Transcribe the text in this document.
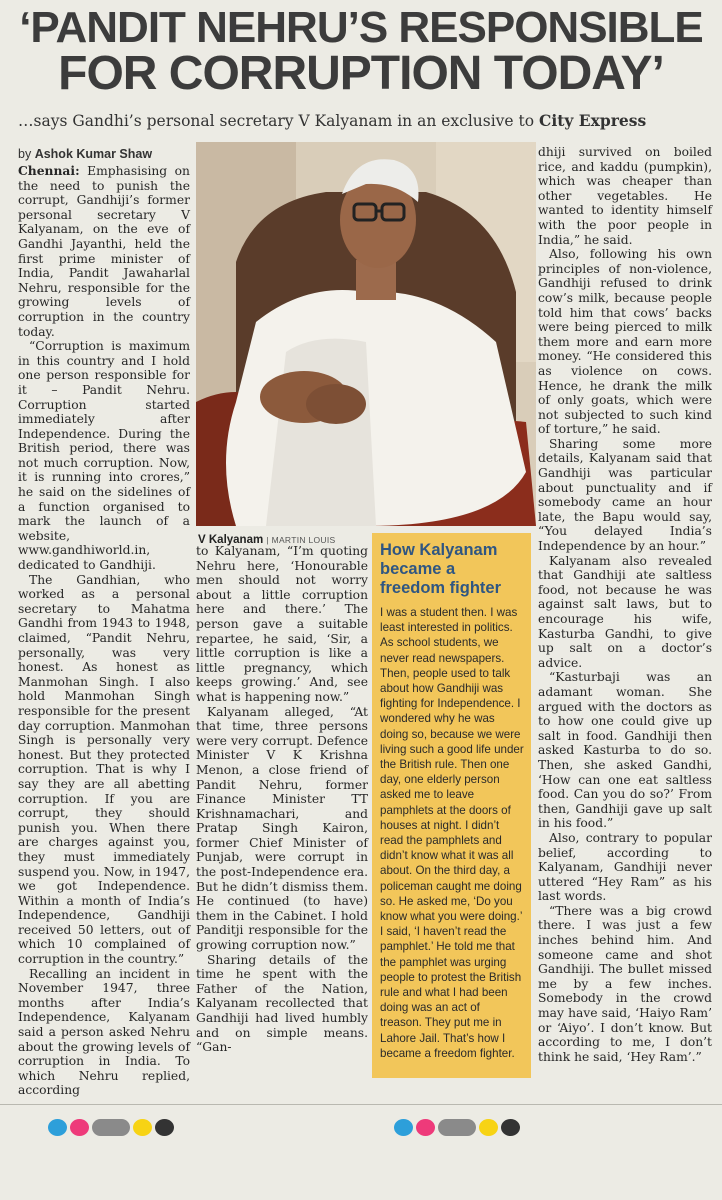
‘PANDIT NEHRU’S RESPONSIBLE
FOR CORRUPTION TODAY’
…says Gandhi’s personal secretary V Kalyanam in an exclusive to City Express
by Ashok Kumar Shaw

Chennai: Emphasising on the need to punish the corrupt, Gandhiji’s former personal secretary V Kalyanam, on the eve of Gandhi Jayanthi, held the first prime minister of India, Pandit Jawaharlal Nehru, responsible for the growing levels of corruption in the country today.

“Corruption is maximum in this country and I hold one person responsible for it – Pandit Nehru. Corruption started immediately after Independence. During the British period, there was not much corruption. Now, it is running into crores,” he said on the sidelines of a function organised to mark the launch of a website, www.gandhiworld.in, dedicated to Gandhiji.

The Gandhian, who worked as a personal secretary to Mahatma Gandhi from 1943 to 1948, claimed, “Pandit Nehru, personally, was very honest. As honest as Manmohan Singh. I also hold Manmohan Singh responsible for the present day corruption. Manmohan Singh is personally very honest. But they protected corruption. That is why I say they are all abetting corruption. If you are corrupt, they should punish you. When there are charges against you, they must immediately suspend you. Now, in 1947, we got Independence. Within a month of India’s Independence, Gandhiji received 50 letters, out of which 10 complained of corruption in the country.”

Recalling an incident in November 1947, three months after India’s Independence, Kalyanam said a person asked Nehru about the growing levels of corruption in India. To which Nehru replied, according

V Kalyanam | MARTIN LOUIS

to Kalyanam, “I’m quoting Nehru here, ‘Honourable men should not worry about a little corruption here and there.’ The person gave a suitable repartee, he said, ‘Sir, a little corruption is like a little pregnancy, which keeps growing.’ And, see what is happening now.”

Kalyanam alleged, “At that time, three persons were very corrupt. Defence Minister V K Krishna Menon, a close friend of Pandit Nehru, former Finance Minister TT Krishnamachari, and Pratap Singh Kairon, former Chief Minister of Punjab, were corrupt in the post-Independence era. But he didn’t dismiss them. He continued (to have) them in the Cabinet. I hold Panditji responsible for the growing corruption now.”

Sharing details of the time he spent with the Father of the Nation, Kalyanam recollected that Gandhiji had lived humbly and on simple means. “Gan-

How Kalyanam became a freedom fighter
I was a student then. I was least interested in politics. As school students, we never read newspapers. Then, people used to talk about how Gandhiji was fighting for Independence. I wondered why he was doing so, because we were living such a good life under the British rule. Then one day, one elderly person asked me to leave pamphlets at the doors of houses at night. I didn’t read the pamphlets and didn’t know what it was all about. On the third day, a policeman caught me doing so. He asked me, ‘Do you know what you were doing.’ I said, ‘I haven’t read the pamphlet.’ He told me that the pamphlet was urging people to protest the British rule and what I had been doing was an act of treason. They put me in Lahore Jail. That’s how I became a freedom fighter.

dhiji survived on boiled rice, and kaddu (pumpkin), which was cheaper than other vegetables. He wanted to identity himself with the poor people in India,” he said.

Also, following his own principles of non-violence, Gandhiji refused to drink cow’s milk, because people told him that cows’ backs were being pierced to milk them more and earn more money. “He considered this as violence on cows. Hence, he drank the milk of only goats, which were not subjected to such kind of torture,” he said.

Sharing some more details, Kalyanam said that Gandhiji was particular about punctuality and if somebody came an hour late, the Bapu would say, “You delayed India’s Independence by an hour.”

Kalyanam also revealed that Gandhiji ate saltless food, not because he was against salt laws, but to encourage his wife, Kasturba Gandhi, to give up salt on a doctor’s advice.

“Kasturbaji was an adamant woman. She argued with the doctors as to how one could give up salt in food. Gandhiji then asked Kasturba to do so. Then, she asked Gandhi, ‘How can one eat saltless food. Can you do so?’ From then, Gandhiji gave up salt in his food.”

Also, contrary to popular belief, according to Kalyanam, Gandhiji never uttered “Hey Ram” as his last words.

“There was a big crowd there. I was just a few inches behind him. And someone came and shot Gandhiji. The bullet missed me by a few inches. Somebody in the crowd may have said, ‘Haiyo Ram’ or ‘Aiyo’. I don’t know. But according to me, I don’t think he said, ‘Hey Ram’.”
